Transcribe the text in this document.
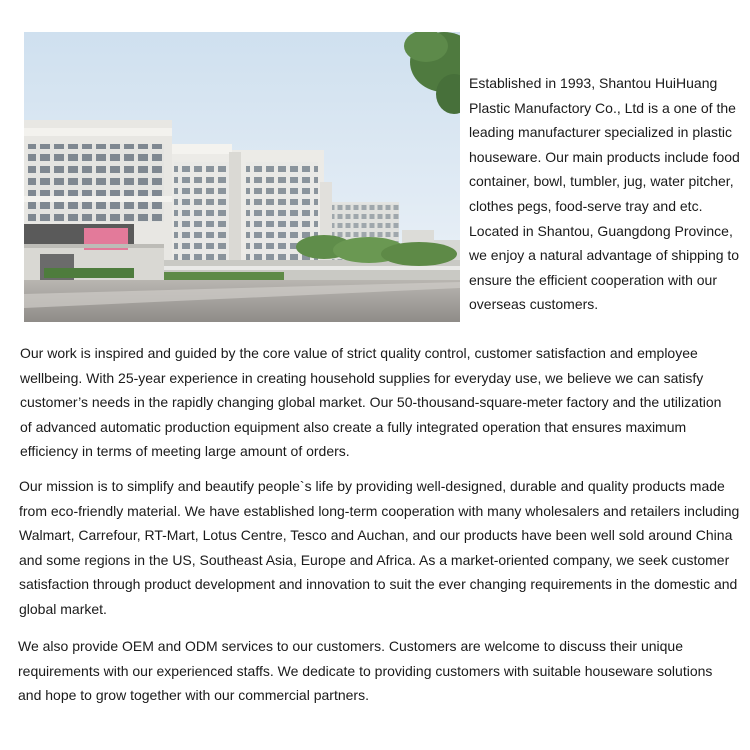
Established in 1993, Shantou HuiHuang Plastic Manufactory Co., Ltd is a one of the leading manufacturer specialized in plastic houseware. Our main products include food container, bowl, tumbler, jug, water pitcher, clothes pegs, food-serve tray and etc. Located in Shantou, Guangdong Province, we enjoy a natural advantage of shipping to ensure the efficient cooperation with our overseas customers.

Our work is inspired and guided by the core value of strict quality control, customer satisfaction and employee wellbeing. With 25-year experience in creating household supplies for everyday use, we believe we can satisfy customer’s needs in the rapidly changing global market. Our 50-thousand-square-meter factory and the utilization of advanced automatic production equipment also create a fully integrated operation that ensures maximum efficiency in terms of meeting large amount of orders.

Our mission is to simplify and beautify people`s life by providing well-designed, durable and quality products made from eco-friendly material. We have established long-term cooperation with many wholesalers and retailers including Walmart, Carrefour, RT-Mart, Lotus Centre, Tesco and Auchan, and our products have been well sold around China and some regions in the US, Southeast Asia, Europe and Africa. As a market-oriented company, we seek customer satisfaction through product development and innovation to suit the ever changing requirements in the domestic and global market.

We also provide OEM and ODM services to our customers. Customers are welcome to discuss their unique requirements with our experienced staffs. We dedicate to providing customers with suitable houseware solutions and hope to grow together with our commercial partners.
